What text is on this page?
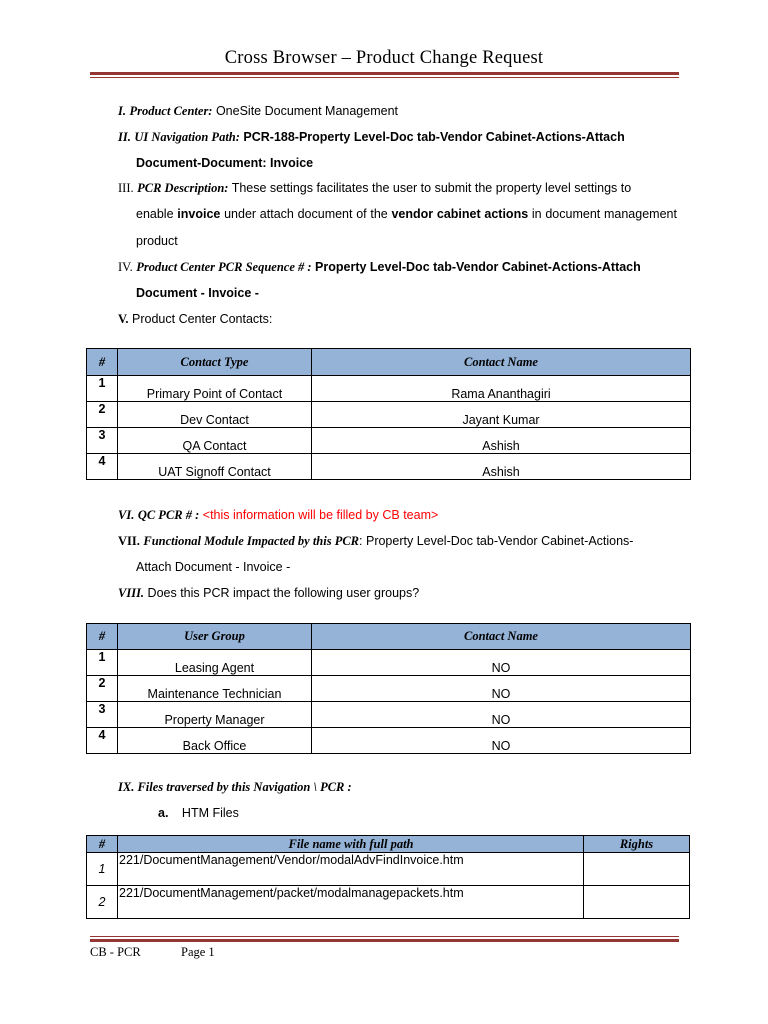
Cross Browser – Product Change Request
I. Product Center: OneSite Document Management
II. UI Navigation Path: PCR-188-Property Level-Doc tab-Vendor Cabinet-Actions-Attach
Document-Document: Invoice
III. PCR Description: These settings facilitates the user to submit the property level settings to
enable invoice under attach document of the vendor cabinet actions in document management
product
IV. Product Center PCR Sequence # : Property Level-Doc tab-Vendor Cabinet-Actions-Attach
Document - Invoice -
V. Product Center Contacts:
#	Contact Type	Contact Name
1	Primary Point of Contact	Rama Ananthagiri
2	Dev Contact	Jayant Kumar
3	QA Contact	Ashish
4	UAT Signoff Contact	Ashish
VI. QC PCR # : <this information will be filled by CB team>
VII. Functional Module Impacted by this PCR: Property Level-Doc tab-Vendor Cabinet-Actions-
Attach Document - Invoice -
VIII. Does this PCR impact the following user groups?
#	User Group	Contact Name
1	Leasing Agent	NO
2	Maintenance Technician	NO
3	Property Manager	NO
4	Back Office	NO
IX. Files traversed by this Navigation \ PCR :
a. HTM Files
#	File name with full path	Rights
1	221/DocumentManagement/Vendor/modalAdvFindInvoice.htm	
2	221/DocumentManagement/packet/modalmanagepackets.htm	
CB - PCR	Page 1
